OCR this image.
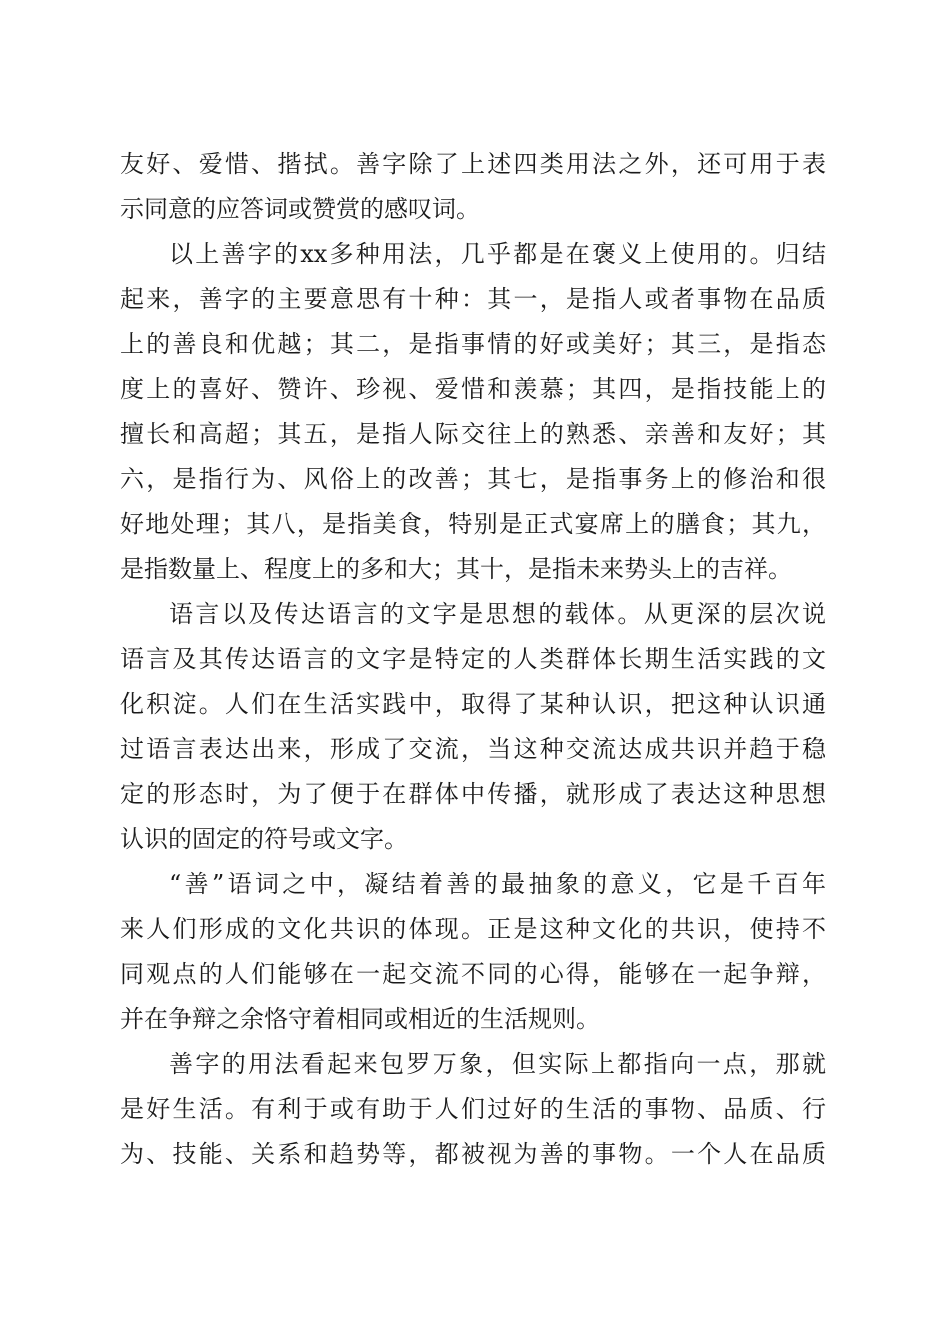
友好、爱惜、揩拭。善字除了上述四类用法之外，还可用于表
示同意的应答词或赞赏的感叹词。
以上善字的xx多种用法，几乎都是在褒义上使用的。归结
起来，善字的主要意思有十种：其一，是指人或者事物在品质
上的善良和优越；其二，是指事情的好或美好；其三，是指态
度上的喜好、赞许、珍视、爱惜和羡慕；其四，是指技能上的
擅长和高超；其五，是指人际交往上的熟悉、亲善和友好；其
六，是指行为、风俗上的改善；其七，是指事务上的修治和很
好地处理；其八，是指美食，特别是正式宴席上的膳食；其九，
是指数量上、程度上的多和大；其十，是指未来势头上的吉祥。
语言以及传达语言的文字是思想的载体。从更深的层次说
语言及其传达语言的文字是特定的人类群体长期生活实践的文
化积淀。人们在生活实践中，取得了某种认识，把这种认识通
过语言表达出来，形成了交流，当这种交流达成共识并趋于稳
定的形态时，为了便于在群体中传播，就形成了表达这种思想
认识的固定的符号或文字。
“善”语词之中，凝结着善的最抽象的意义，它是千百年
来人们形成的文化共识的体现。正是这种文化的共识，使持不
同观点的人们能够在一起交流不同的心得，能够在一起争辩，
并在争辩之余恪守着相同或相近的生活规则。
善字的用法看起来包罗万象，但实际上都指向一点，那就
是好生活。有利于或有助于人们过好的生活的事物、品质、行
为、技能、关系和趋势等，都被视为善的事物。一个人在品质
